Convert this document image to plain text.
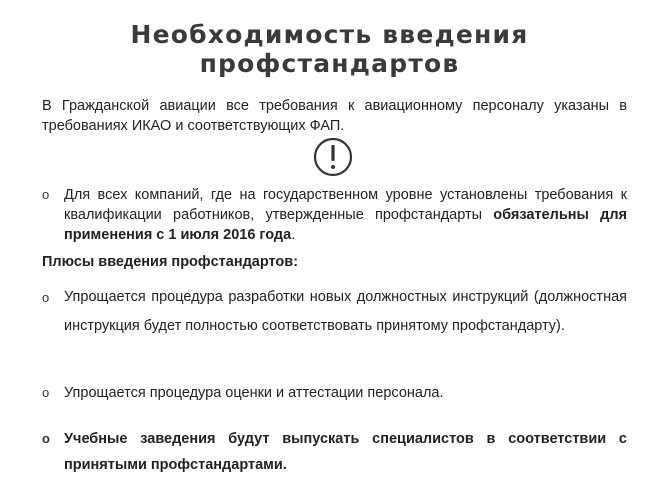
Необходимость введения
профстандартов
В Гражданской авиации все требования к авиационному персоналу указаны в требованиях ИКАО и соответствующих ФАП.
o	Для всех компаний, где на государственном уровне установлены требования к квалификации работников, утвержденные профстандарты обязательны для применения с 1 июля 2016 года.
Плюсы введения профстандартов:
o	Упрощается процедура разработки новых должностных инструкций (должностная инструкция будет полностью соответствовать принятому профстандарту).
o	Упрощается процедура оценки и аттестации персонала.
o Учебные заведения будут выпускать специалистов в соответствии с принятыми профстандартами.
